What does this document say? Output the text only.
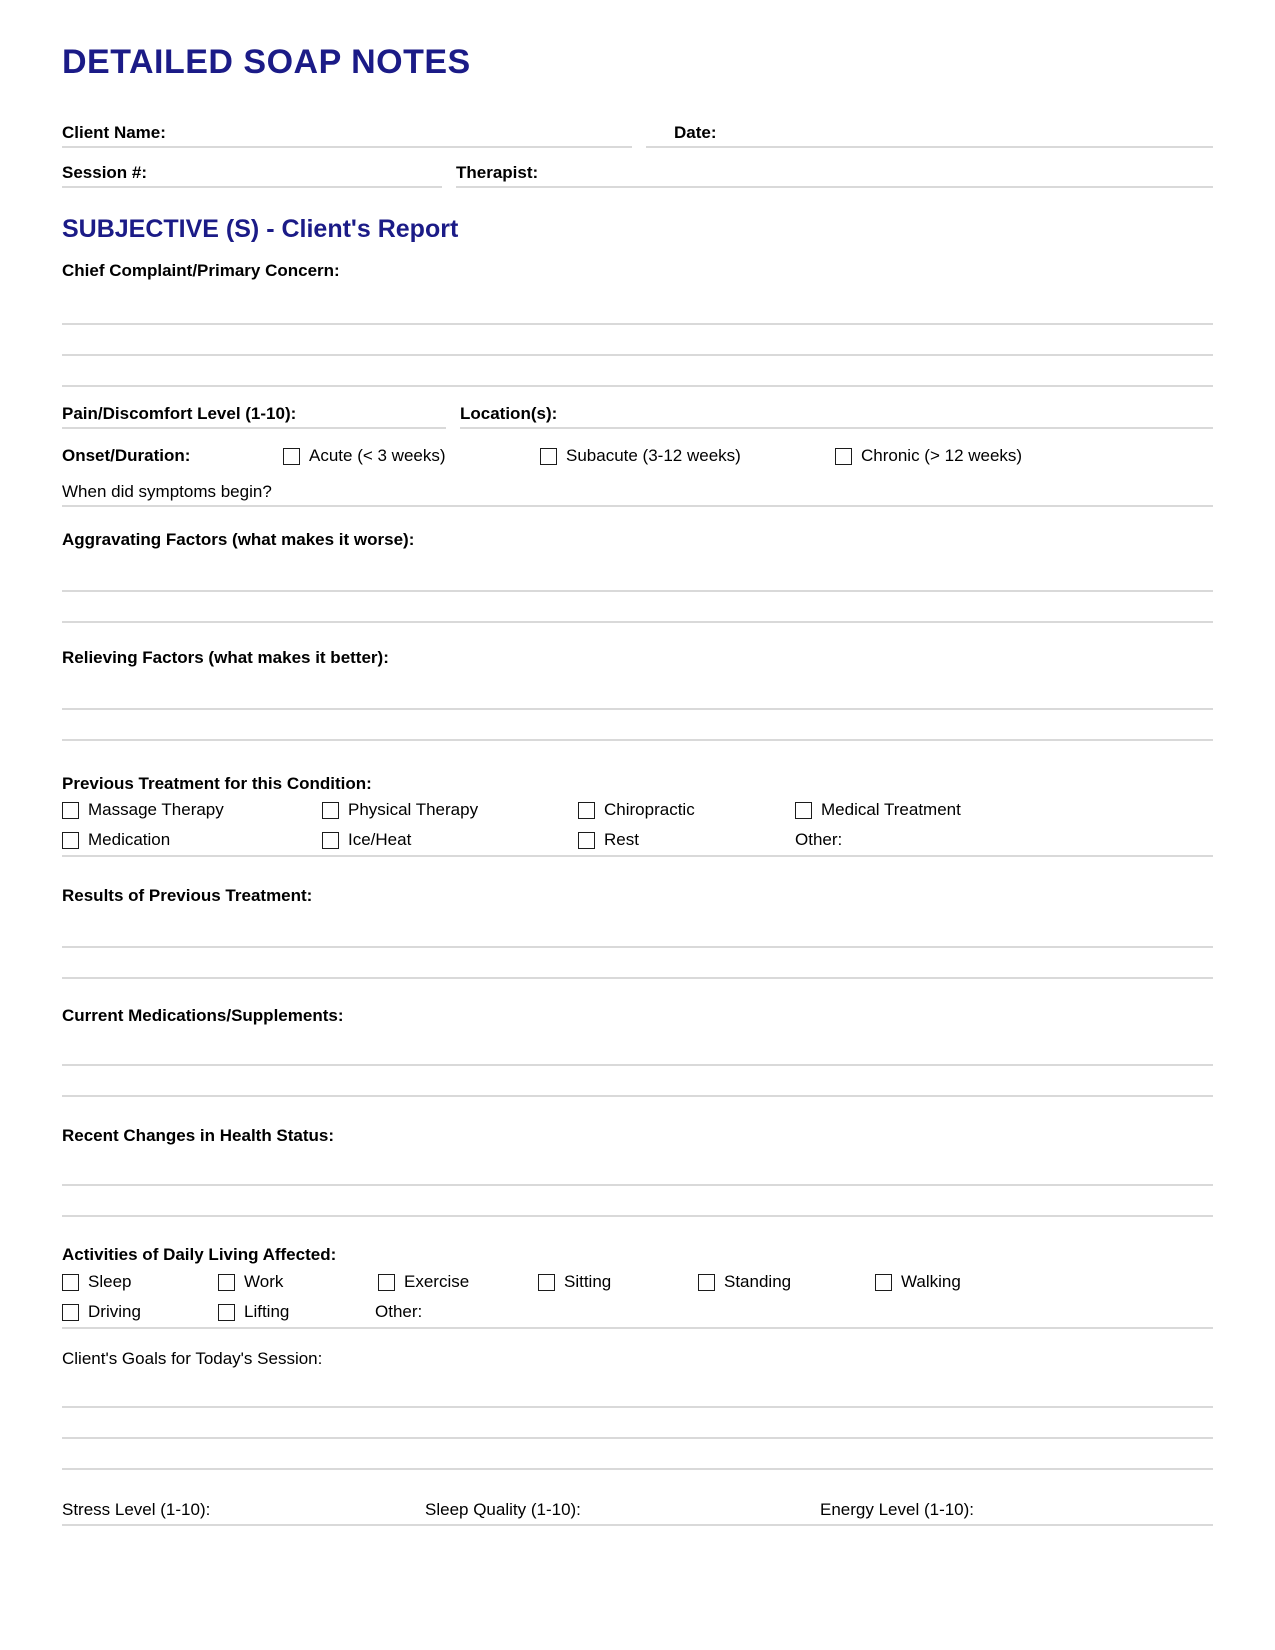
DETAILED SOAP NOTES
Client Name:	Date:
Session #:	Therapist:
SUBJECTIVE (S) - Client's Report
Chief Complaint/Primary Concern:
Pain/Discomfort Level (1-10):	Location(s):
Onset/Duration:	Acute (< 3 weeks)	Subacute (3-12 weeks)	Chronic (> 12 weeks)
When did symptoms begin?
Aggravating Factors (what makes it worse):
Relieving Factors (what makes it better):
Previous Treatment for this Condition:
Massage Therapy	Physical Therapy	Chiropractic	Medical Treatment
Medication	Ice/Heat	Rest	Other:
Results of Previous Treatment:
Current Medications/Supplements:
Recent Changes in Health Status:
Activities of Daily Living Affected:
Sleep	Work	Exercise	Sitting	Standing	Walking
Driving	Lifting	Other:
Client's Goals for Today's Session:
Stress Level (1-10):	Sleep Quality (1-10):	Energy Level (1-10):
